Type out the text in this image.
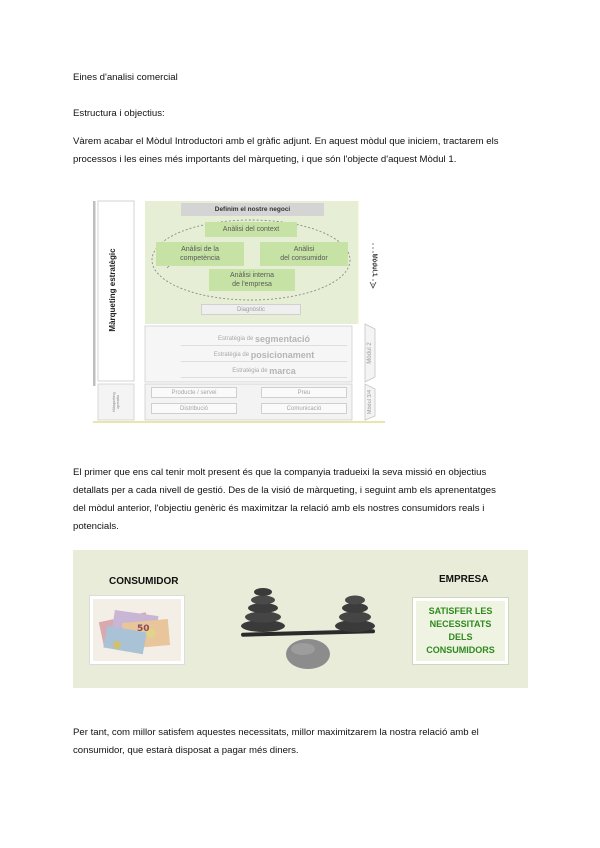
Eines d'analisi comercial
Estructura i objectius:
Vàrem acabar el Mòdul Introductori amb el gràfic adjunt. En aquest mòdul que iniciem, tractarem els
processos i les eines més importants del màrqueting, i que són l'objecte d'aquest Mòdul 1.
Màrqueting estratègic
Màrqueting operatiu
Definim el nostre negoci
Anàlisi del context
Anàlisi de la
competència
Anàlisi
del consumidor
Anàlisi interna
de l'empresa
Diagnòstic
Estratègia de
segmentació
Estratègia de
posicionament
Estratègia de
marca
Producte / servei	Preu
Distribució	Comunicació
Mòdul 1
Mòdul 2
Mòdul 3/4
El primer que ens cal tenir molt present és que la companyia tradueixi la seva missió en objectius
detallats per a cada nivell de gestió. Des de la visió de màrqueting, i seguint amb els aprenentatges
del mòdul anterior, l'objectiu genèric és maximitzar la relació amb els nostres consumidors reals i
potencials.
CONSUMIDOR	EMPRESA
50
SATISFER LES
NECESSITATS
DELS
CONSUMIDORS
Per tant, com millor satisfem aquestes necessitats, millor maximitzarem la nostra relació amb el
consumidor, que estarà disposat a pagar més diners.
